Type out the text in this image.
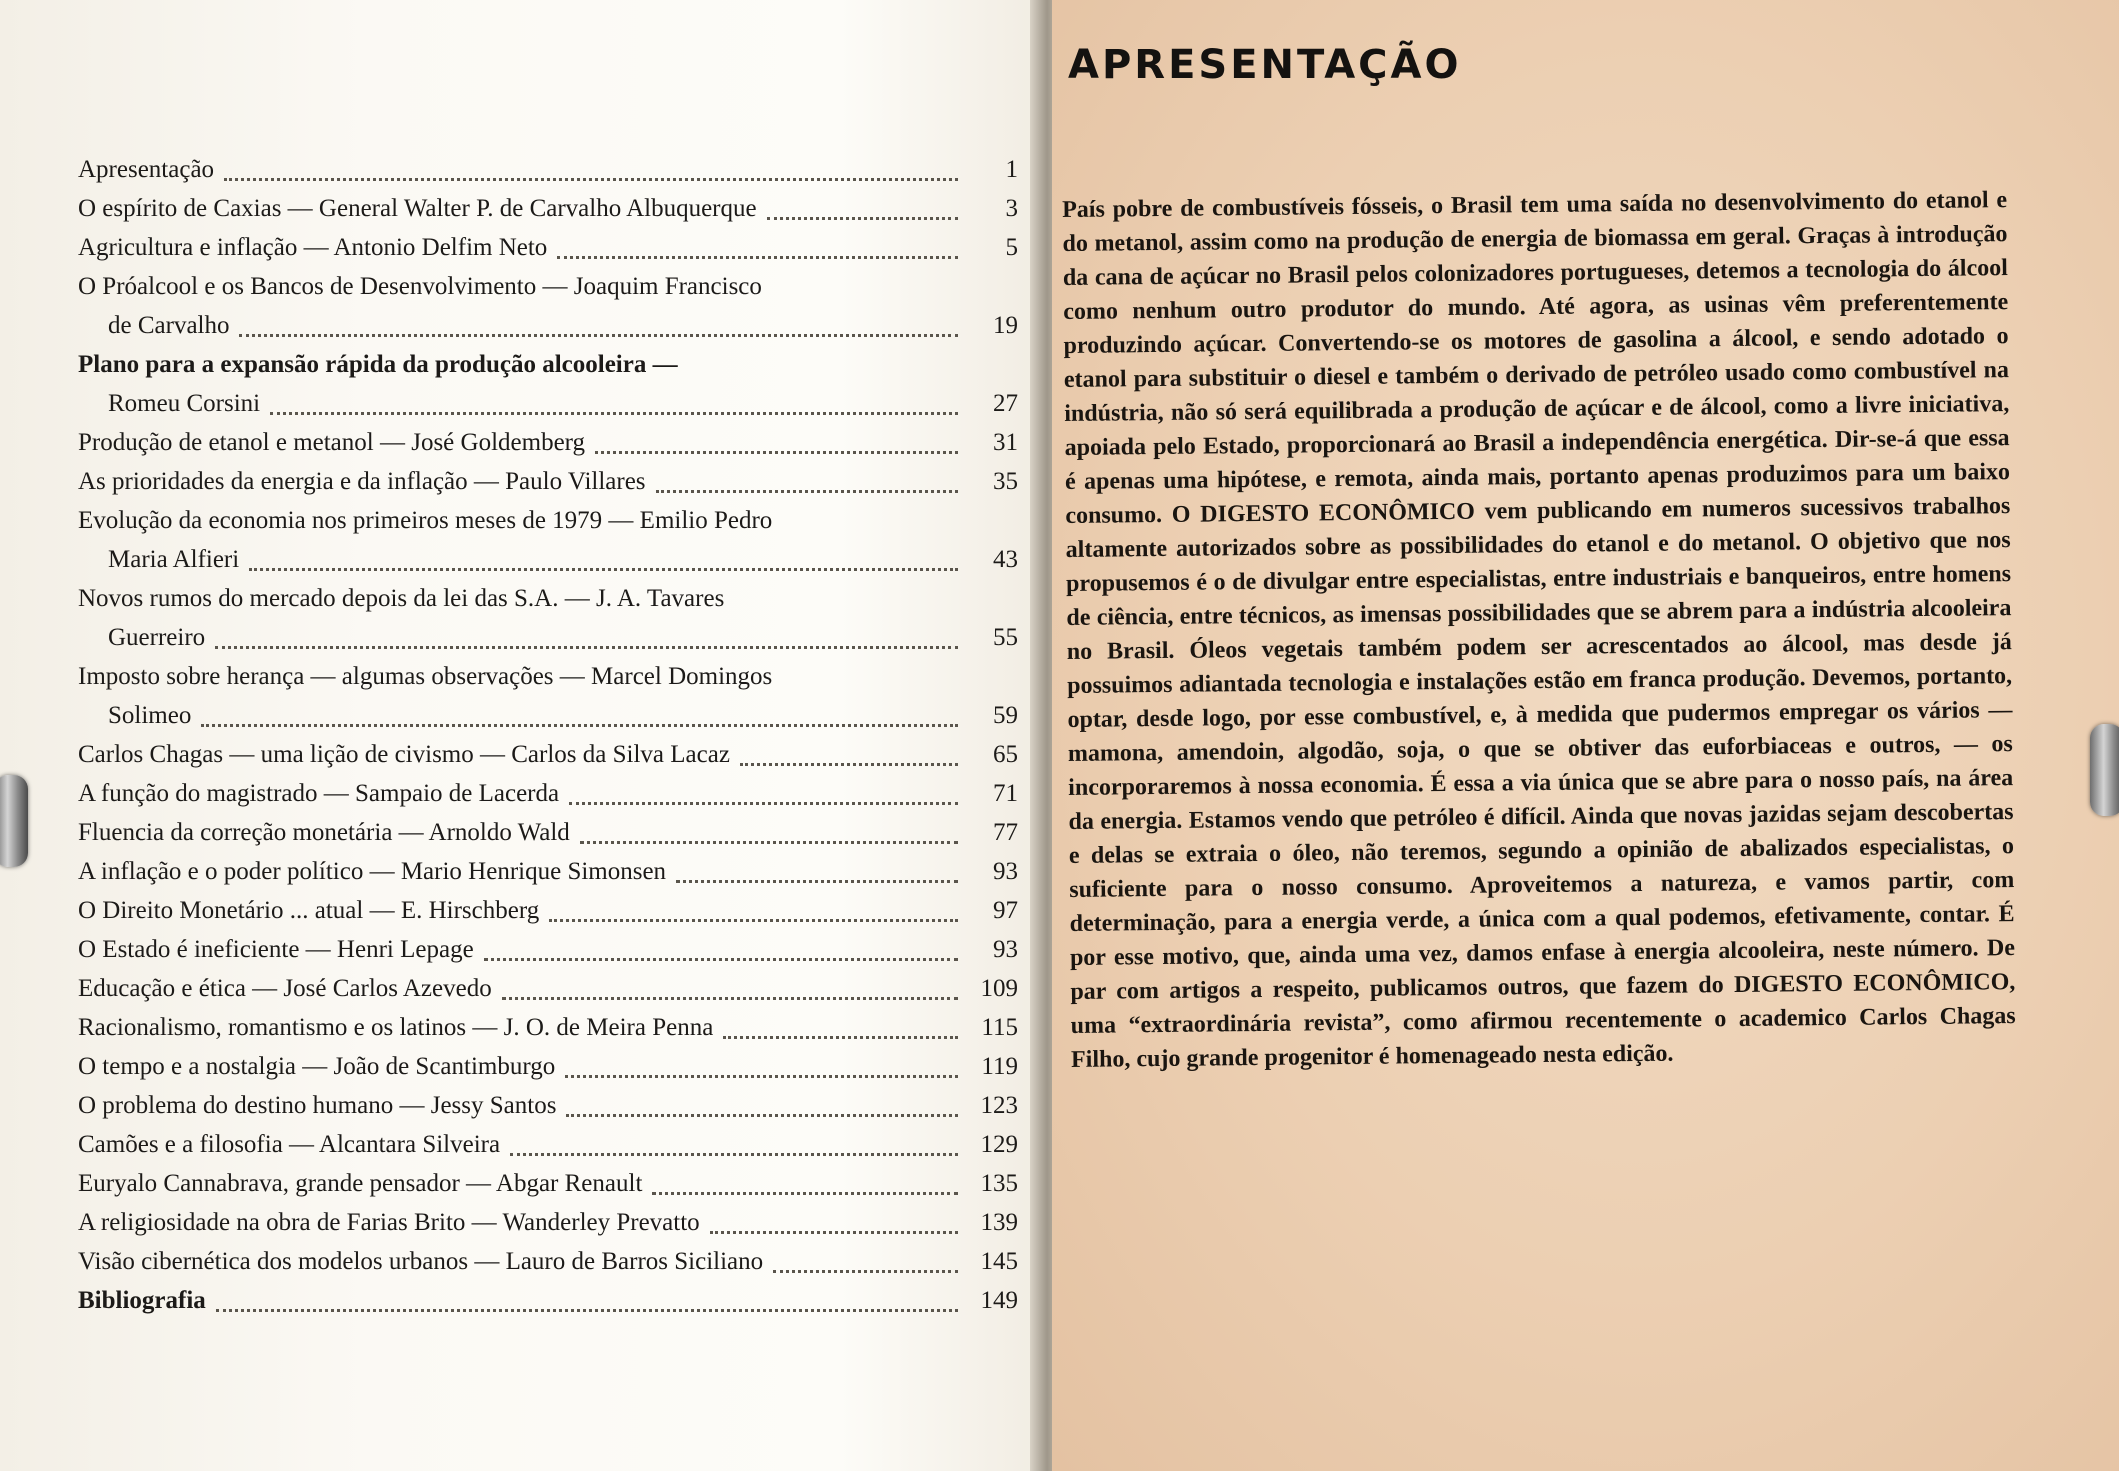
Apresentação	1
O espírito de Caxias — General Walter P. de Carvalho Albuquerque	3
Agricultura e inflação — Antonio Delfim Neto	5
O Próalcool e os Bancos de Desenvolvimento — Joaquim Francisco
de Carvalho	19
Plano para a expansão rápida da produção alcooleira —
Romeu Corsini	27
Produção de etanol e metanol — José Goldemberg	31
As prioridades da energia e da inflação — Paulo Villares	35
Evolução da economia nos primeiros meses de 1979 — Emilio Pedro
Maria Alfieri	43
Novos rumos do mercado depois da lei das S.A. — J. A. Tavares
Guerreiro	55
Imposto sobre herança — algumas observações — Marcel Domingos
Solimeo	59
Carlos Chagas — uma lição de civismo — Carlos da Silva Lacaz	65
A função do magistrado — Sampaio de Lacerda	71
Fluencia da correção monetária — Arnoldo Wald	77
A inflação e o poder político — Mario Henrique Simonsen	93
O Direito Monetário ... atual — E. Hirschberg	97
O Estado é ineficiente — Henri Lepage	93
Educação e ética — José Carlos Azevedo	109
Racionalismo, romantismo e os latinos — J. O. de Meira Penna	115
O tempo e a nostalgia — João de Scantimburgo	119
O problema do destino humano — Jessy Santos	123
Camões e a filosofia — Alcantara Silveira	129
Euryalo Cannabrava, grande pensador — Abgar Renault	135
A religiosidade na obra de Farias Brito — Wanderley Prevatto	139
Visão cibernética dos modelos urbanos — Lauro de Barros Siciliano	145
Bibliografia	149
APRESENTAÇÃO
País pobre de combustíveis fósseis, o Brasil tem uma saída no desenvolvimento do etanol e do metanol, assim como na produção de energia de biomassa em geral. Graças à introdução da cana de açúcar no Brasil pelos colonizadores portugueses, detemos a tecnologia do álcool como nenhum outro produtor do mundo. Até agora, as usinas vêm preferentemente produzindo açúcar. Convertendo-se os motores de gasolina a álcool, e sendo adotado o etanol para substituir o diesel e também o derivado de petróleo usado como combustível na indústria, não só será equilibrada a produção de açúcar e de álcool, como a livre iniciativa, apoiada pelo Estado, proporcionará ao Brasil a independência energética. Dir-se-á que essa é apenas uma hipótese, e remota, ainda mais, portanto apenas produzimos para um baixo consumo. O DIGESTO ECONÔMICO vem publicando em numeros sucessivos trabalhos altamente autorizados sobre as possibilidades do etanol e do metanol. O objetivo que nos propusemos é o de divulgar entre especialistas, entre industriais e banqueiros, entre homens de ciência, entre técnicos, as imensas possibilidades que se abrem para a indústria alcooleira no Brasil. Óleos vegetais também podem ser acrescentados ao álcool, mas desde já possuimos adiantada tecnologia e instalações estão em franca produção. Devemos, portanto, optar, desde logo, por esse combustível, e, à medida que pudermos empregar os vários — mamona, amendoin, algodão, soja, o que se obtiver das euforbiaceas e outros, — os incorporaremos à nossa economia. É essa a via única que se abre para o nosso país, na área da energia. Estamos vendo que petróleo é difícil. Ainda que novas jazidas sejam descobertas e delas se extraia o óleo, não teremos, segundo a opinião de abalizados especialistas, o suficiente para o nosso consumo. Aproveitemos a natureza, e vamos partir, com determinação, para a energia verde, a única com a qual podemos, efetivamente, contar. É por esse motivo, que, ainda uma vez, damos enfase à energia alcooleira, neste número. De par com artigos a respeito, publicamos outros, que fazem do DIGESTO ECONÔMICO, uma “extraordinária revista”, como afirmou recentemente o academico Carlos Chagas Filho, cujo grande progenitor é homenageado nesta edição.
